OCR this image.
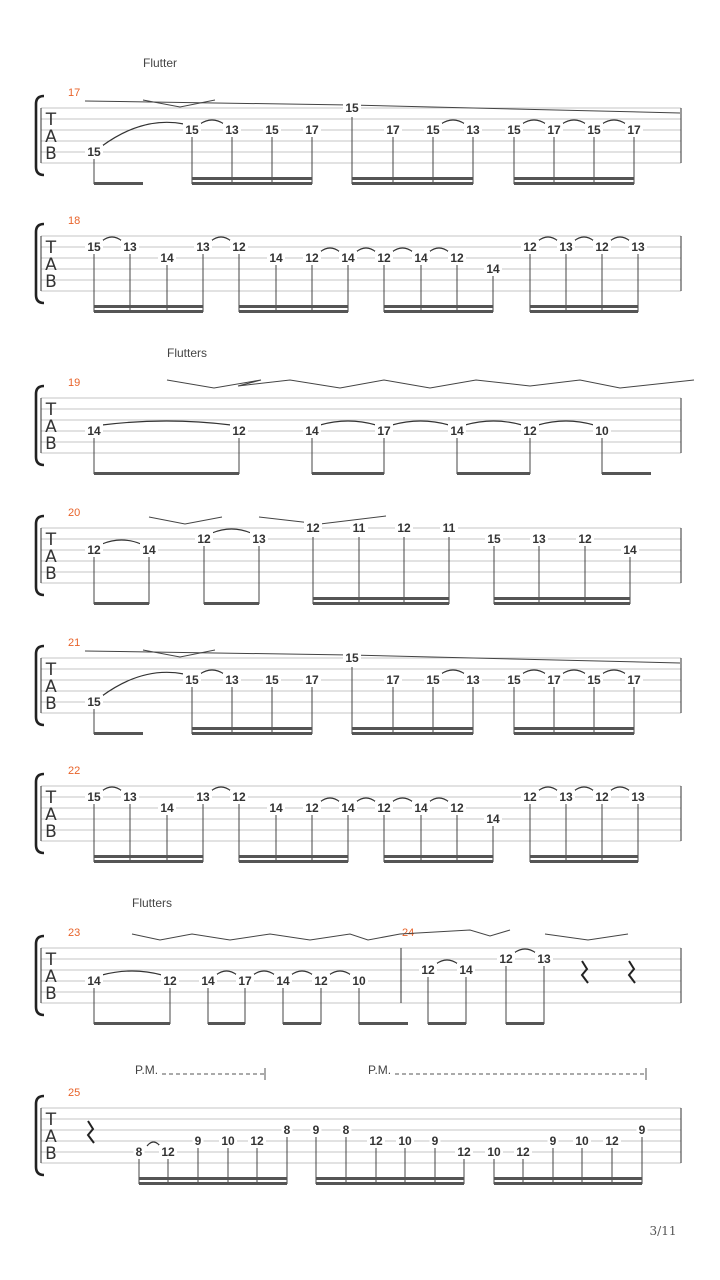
T
A
B
17
Flutter
15
15 13 15 17
15
17 15 13 15 17 15 17
T
A
B
18
15 13
14
13 12
14 12 14 12 14 12
14
12 13 12 13
T
A
B
19
Flutters
14	12	14	17	14	12	10
T
A
B
20
12	14
12	13
12	11	12	11
15	13	12
14
T
A
B
21
15
15 13 15 17
15
17 15 13 15 17 15 17
T
A
B
22
15 13
14
13 12
14 12 14 12 14 12
14
12 13 12 13
T
A
B
23	24
Flutters
14	12 14 17 14 12 10
12 14
12 13
T
A
B
25
P.M.	P.M.
8 12
9 10 12
8 9 8
12 10 9
12 10 12
9 10 12
9
3/11
